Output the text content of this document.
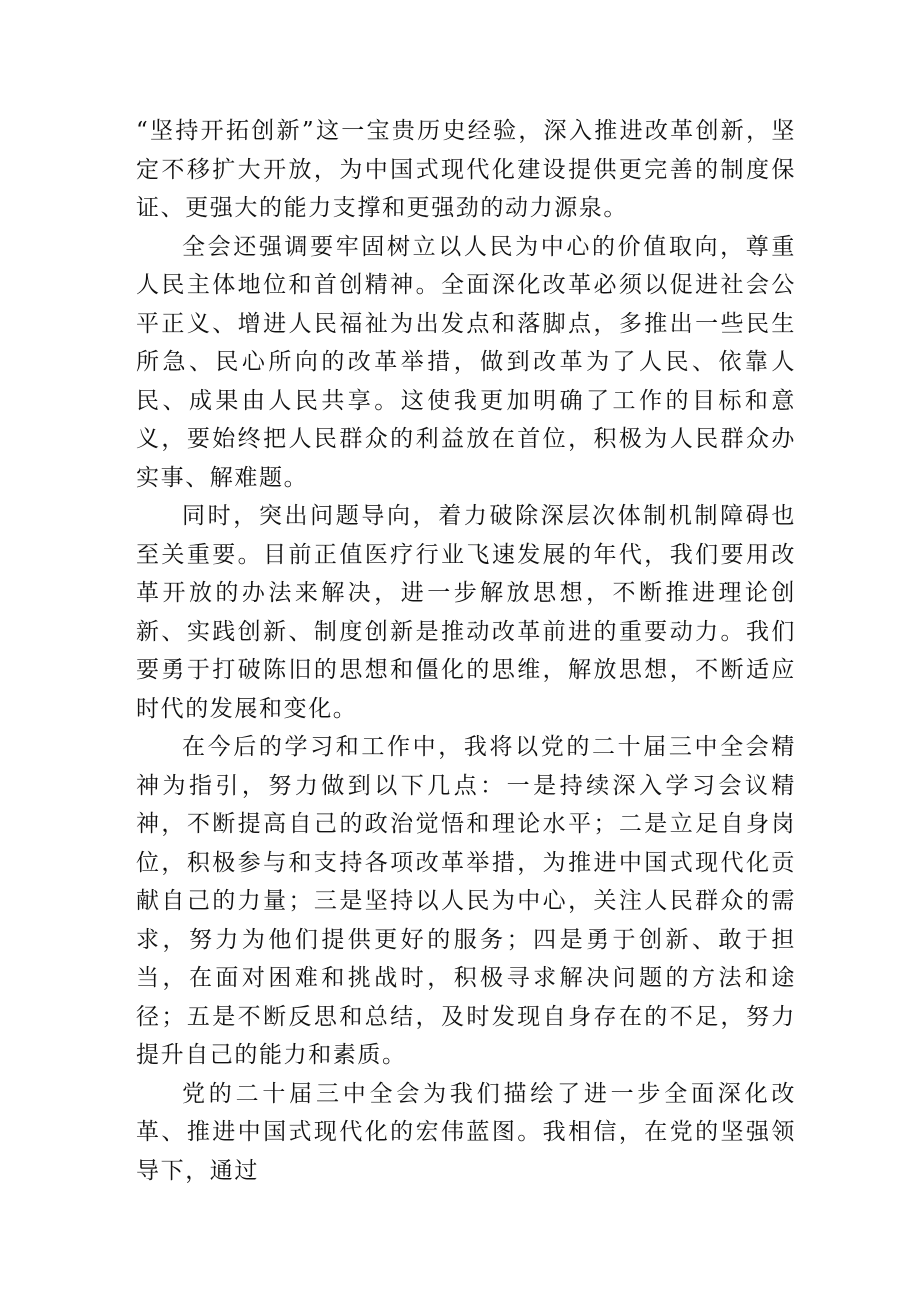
“坚持开拓创新”这一宝贵历史经验，深入推进改革创新，坚定不移扩大开放，为中国式现代化建设提供更完善的制度保证、更强大的能力支撑和更强劲的动力源泉。

全会还强调要牢固树立以人民为中心的价值取向，尊重人民主体地位和首创精神。全面深化改革必须以促进社会公平正义、增进人民福祉为出发点和落脚点，多推出一些民生所急、民心所向的改革举措，做到改革为了人民、依靠人民、成果由人民共享。这使我更加明确了工作的目标和意义，要始终把人民群众的利益放在首位，积极为人民群众办实事、解难题。

同时，突出问题导向，着力破除深层次体制机制障碍也至关重要。目前正值医疗行业飞速发展的年代，我们要用改革开放的办法来解决，进一步解放思想，不断推进理论创新、实践创新、制度创新是推动改革前进的重要动力。我们要勇于打破陈旧的思想和僵化的思维，解放思想，不断适应时代的发展和变化。

在今后的学习和工作中，我将以党的二十届三中全会精神为指引，努力做到以下几点：一是持续深入学习会议精神，不断提高自己的政治觉悟和理论水平；二是立足自身岗位，积极参与和支持各项改革举措，为推进中国式现代化贡献自己的力量；三是坚持以人民为中心，关注人民群众的需求，努力为他们提供更好的服务；四是勇于创新、敢于担当，在面对困难和挑战时，积极寻求解决问题的方法和途径；五是不断反思和总结，及时发现自身存在的不足，努力提升自己的能力和素质。

党的二十届三中全会为我们描绘了进一步全面深化改革、推进中国式现代化的宏伟蓝图。我相信，在党的坚强领导下，通过
